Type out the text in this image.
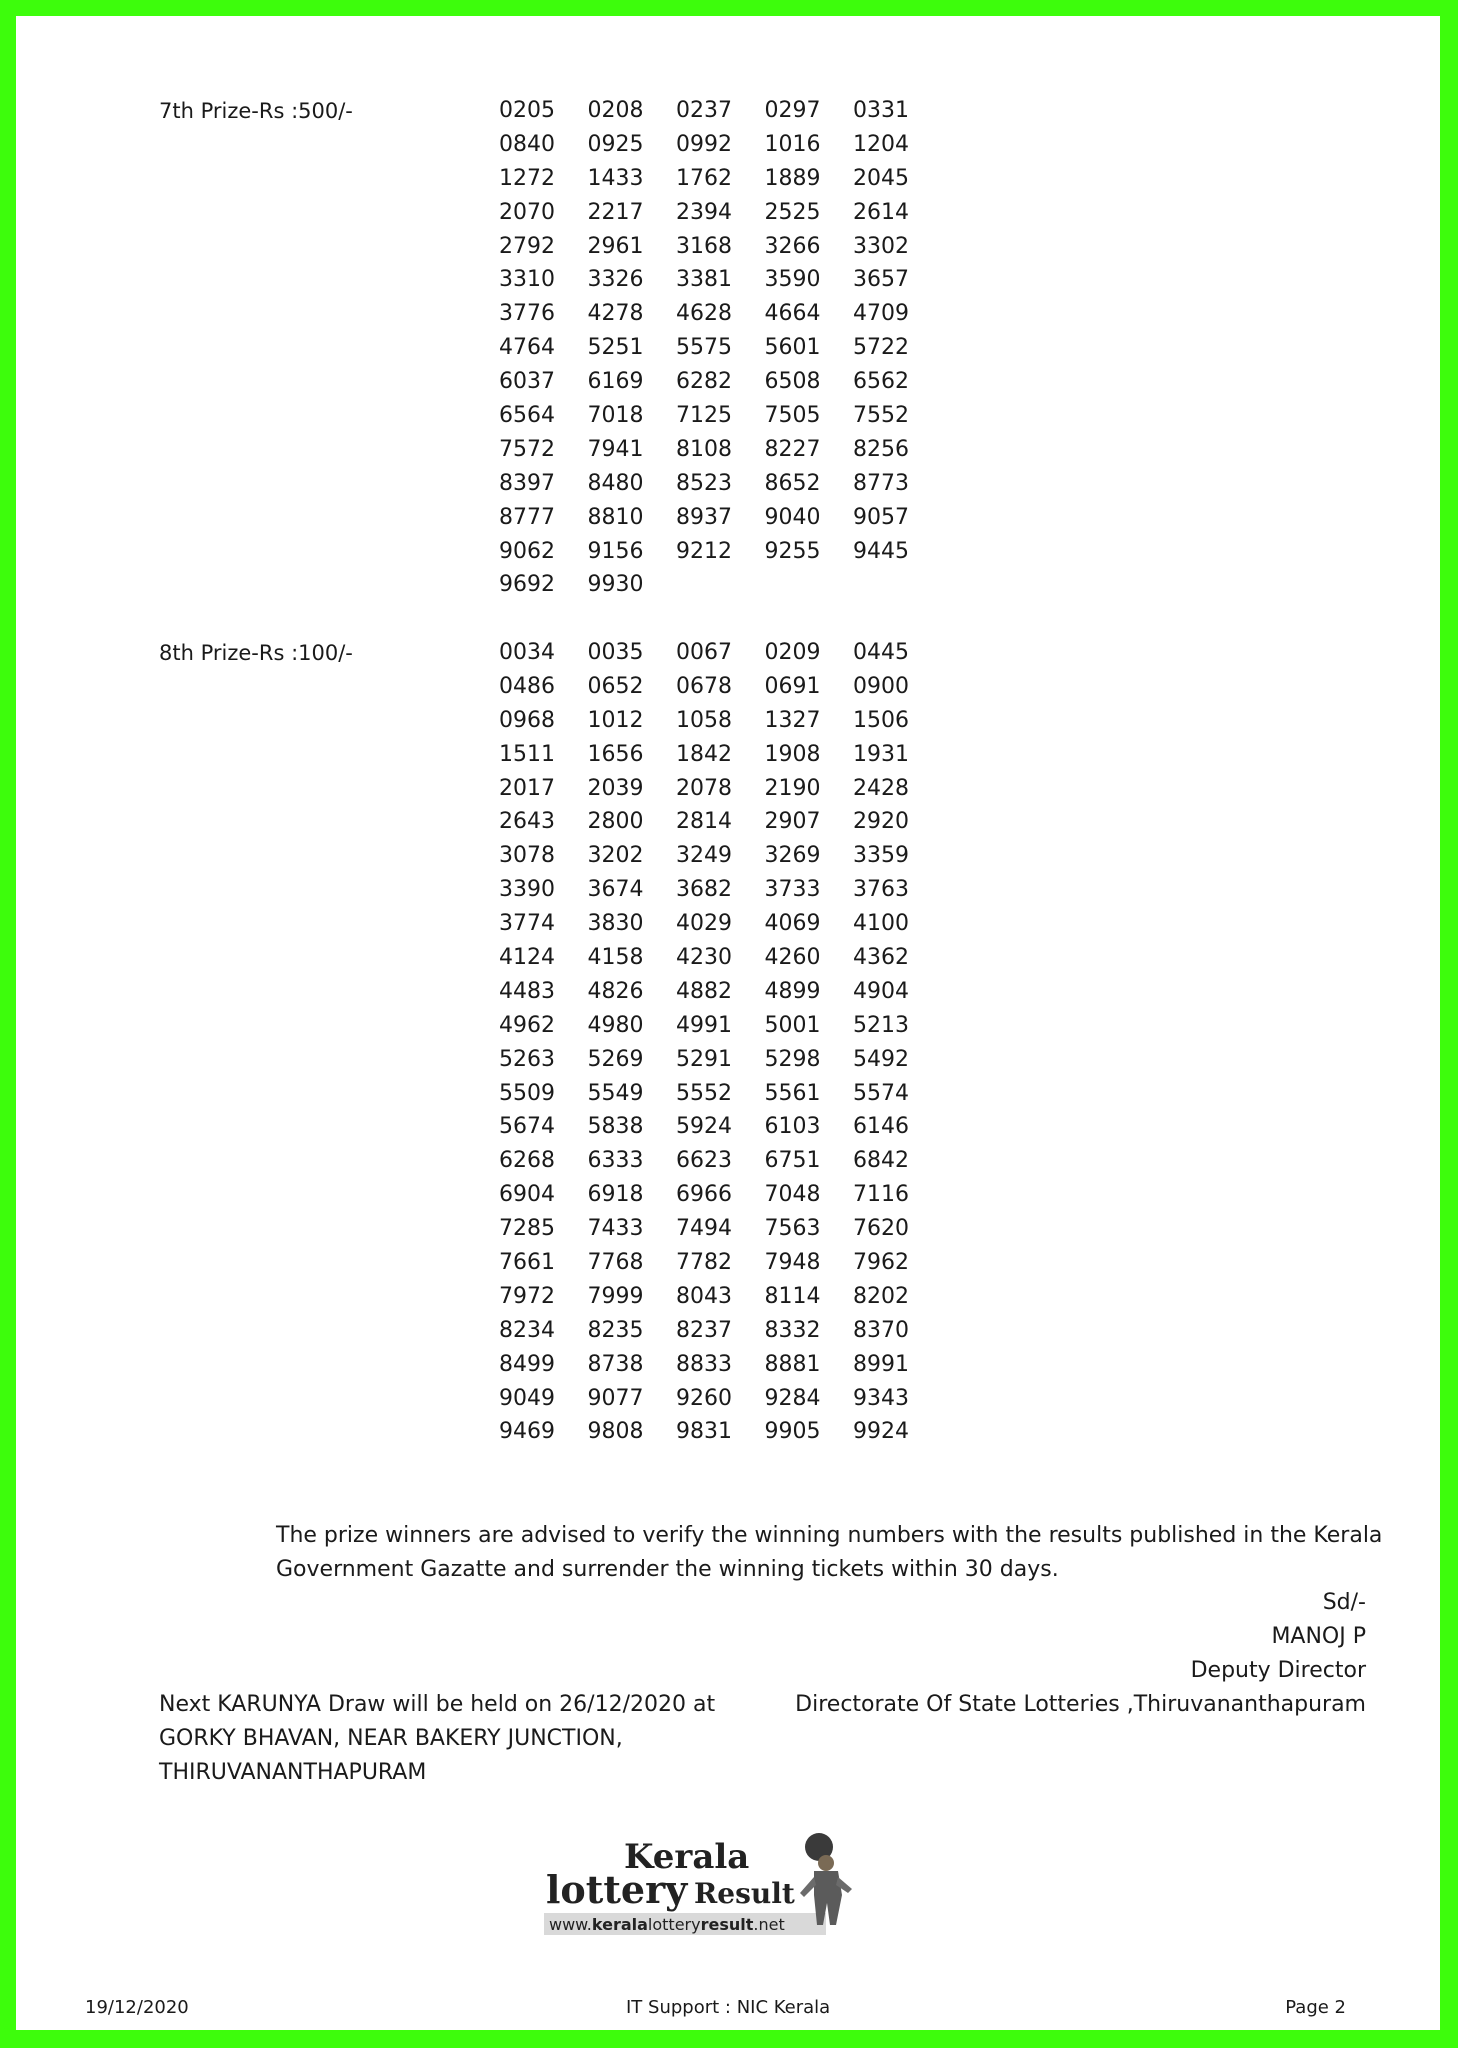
7th Prize-Rs :500/-	0205	0208	0237	0297	0331
0840	0925	0992	1016	1204
1272	1433	1762	1889	2045
2070	2217	2394	2525	2614
2792	2961	3168	3266	3302
3310	3326	3381	3590	3657
3776	4278	4628	4664	4709
4764	5251	5575	5601	5722
6037	6169	6282	6508	6562
6564	7018	7125	7505	7552
7572	7941	8108	8227	8256
8397	8480	8523	8652	8773
8777	8810	8937	9040	9057
9062	9156	9212	9255	9445
9692	9930
8th Prize-Rs :100/-	0034	0035	0067	0209	0445
0486	0652	0678	0691	0900
0968	1012	1058	1327	1506
1511	1656	1842	1908	1931
2017	2039	2078	2190	2428
2643	2800	2814	2907	2920
3078	3202	3249	3269	3359
3390	3674	3682	3733	3763
3774	3830	4029	4069	4100
4124	4158	4230	4260	4362
4483	4826	4882	4899	4904
4962	4980	4991	5001	5213
5263	5269	5291	5298	5492
5509	5549	5552	5561	5574
5674	5838	5924	6103	6146
6268	6333	6623	6751	6842
6904	6918	6966	7048	7116
7285	7433	7494	7563	7620
7661	7768	7782	7948	7962
7972	7999	8043	8114	8202
8234	8235	8237	8332	8370
8499	8738	8833	8881	8991
9049	9077	9260	9284	9343
9469	9808	9831	9905	9924
The prize winners are advised to verify the winning numbers with the results published in the Kerala Government Gazatte and surrender the winning tickets within 30 days.
Sd/-
MANOJ P
Deputy Director
Directorate Of State Lotteries ,Thiruvananthapuram
Next KARUNYA Draw will be held on 26/12/2020 at
GORKY BHAVAN, NEAR BAKERY JUNCTION,
THIRUVANANTHAPURAM
Kerala
lottery Result
www.keralalotteryresult.net
19/12/2020	IT Support : NIC Kerala	Page 2
